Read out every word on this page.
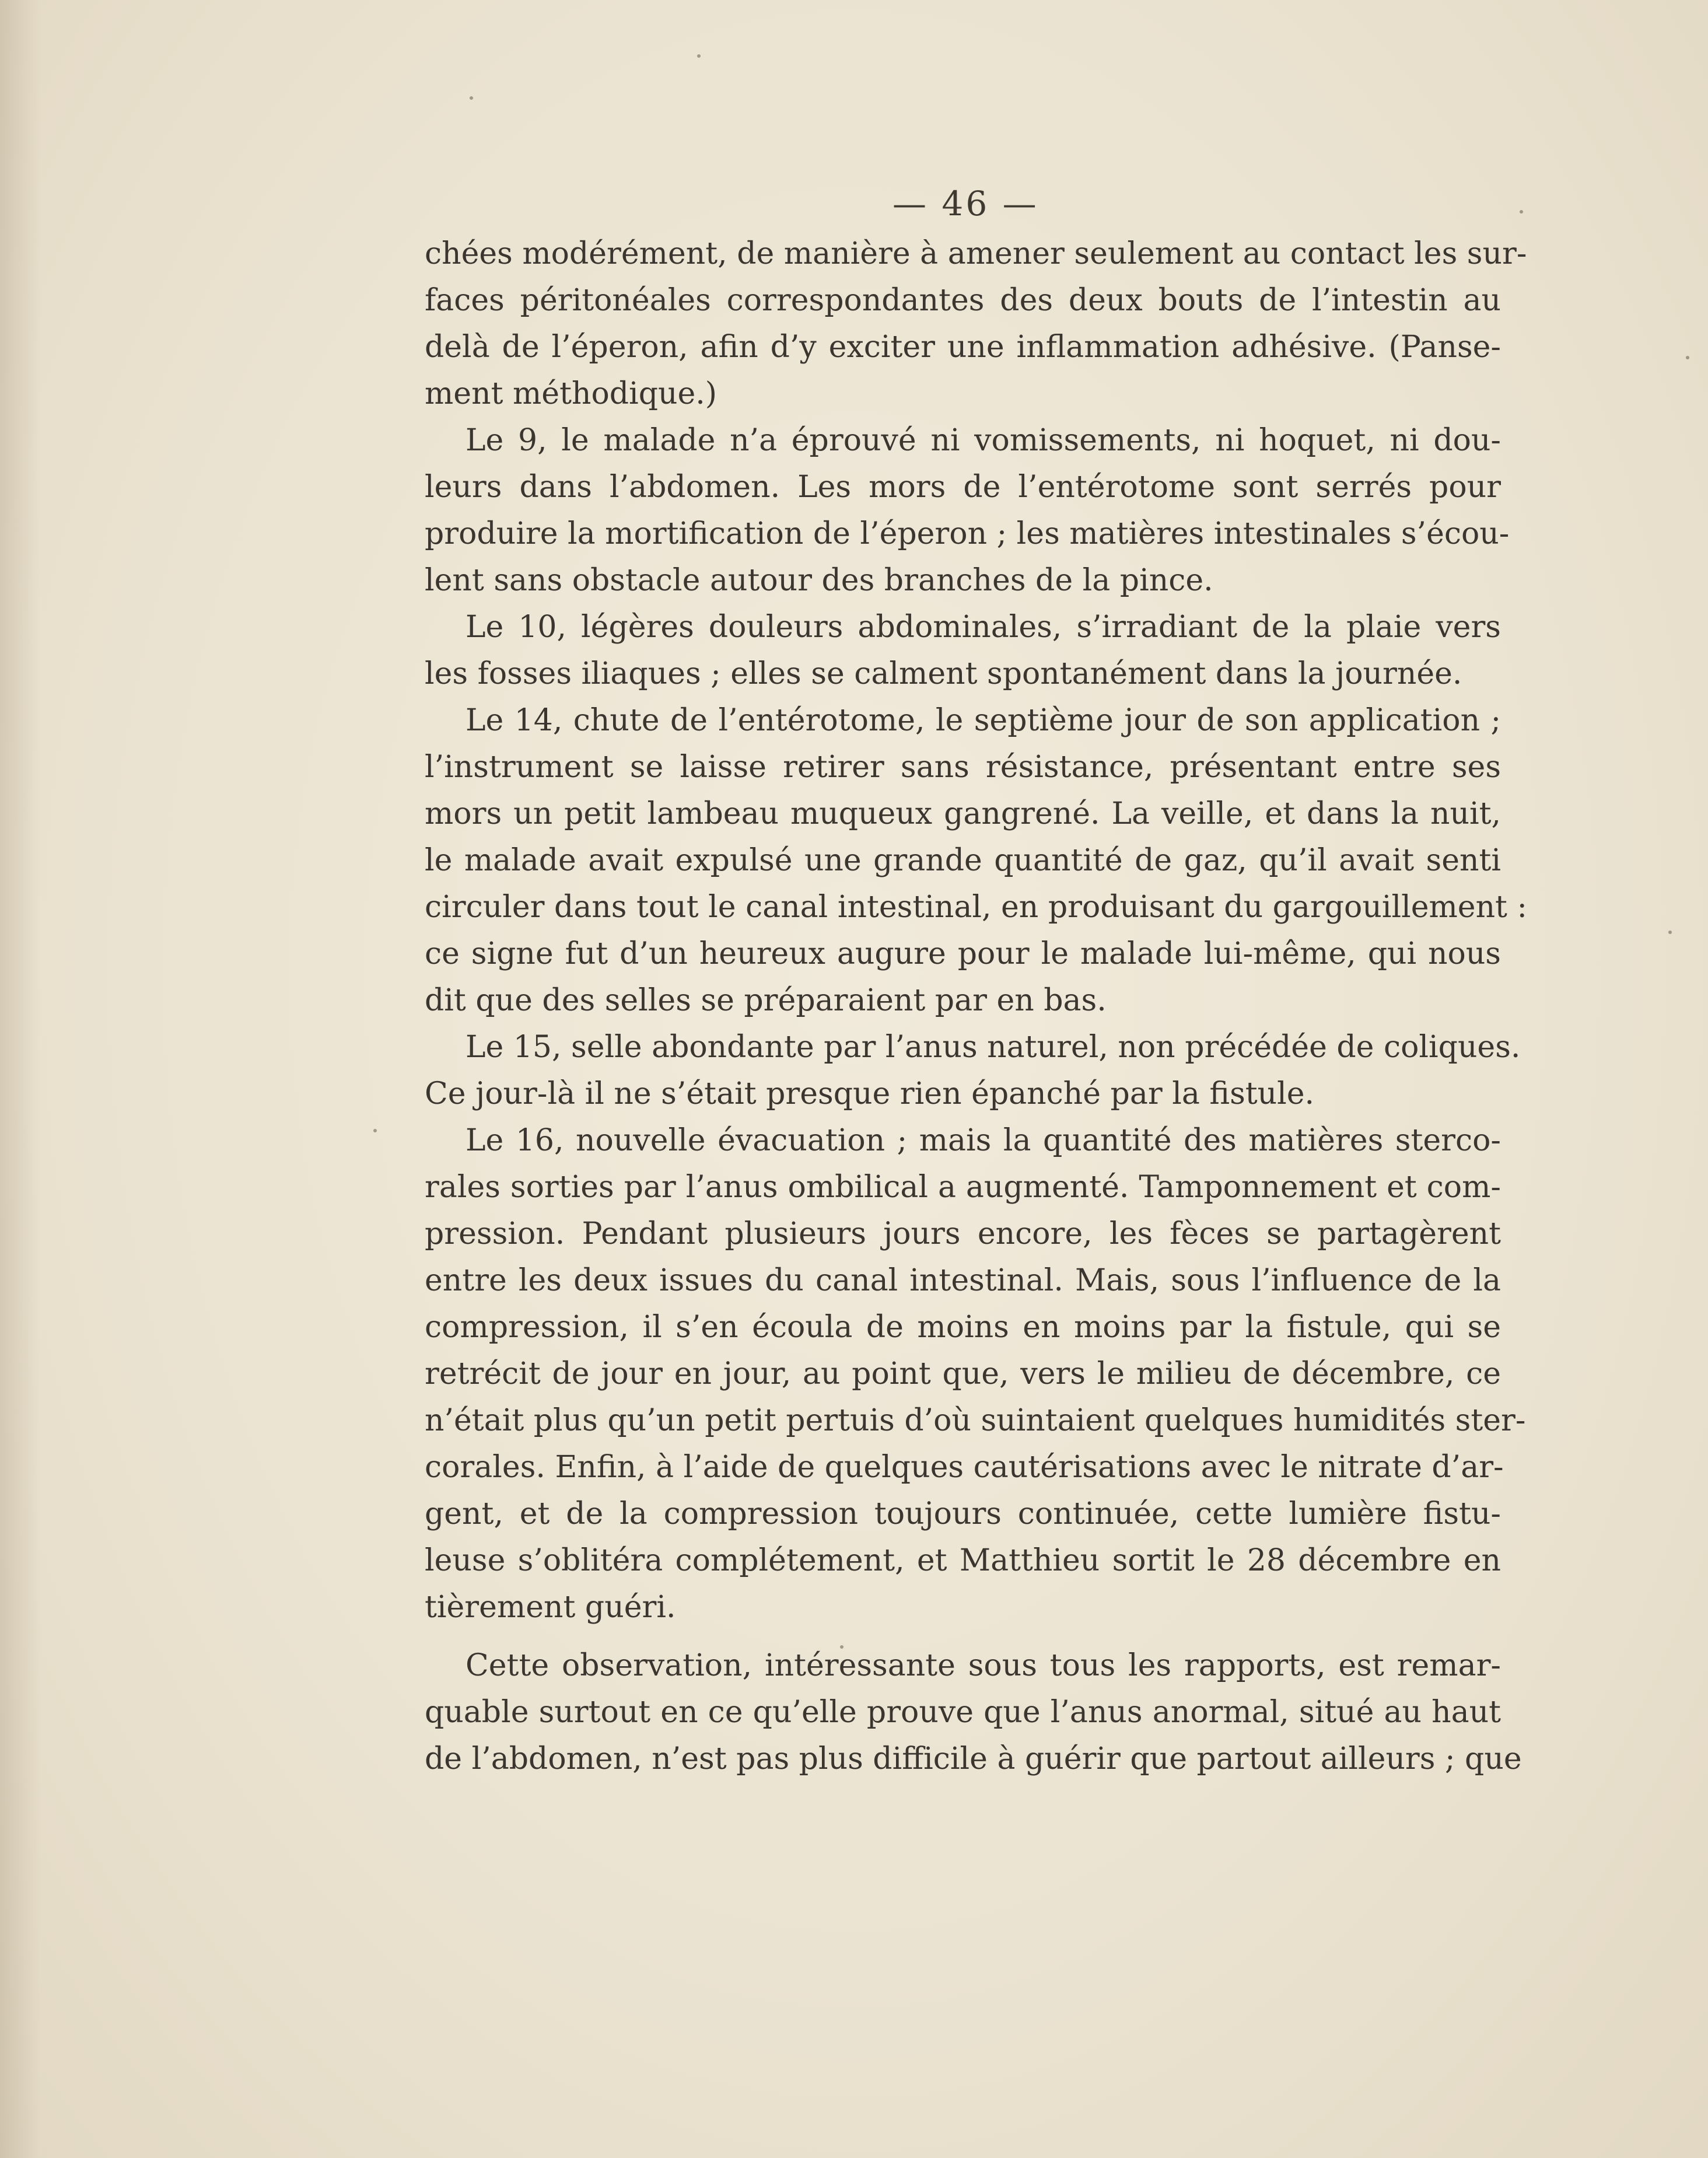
— 46 —
chées modérément, de manière à amener seulement au contact les sur-
faces péritonéales correspondantes des deux bouts de l’intestin au
delà de l’éperon, afin d’y exciter une inflammation adhésive. (Panse-
ment méthodique.)
Le 9, le malade n’a éprouvé ni vomissements, ni hoquet, ni dou-
leurs dans l’abdomen. Les mors de l’entérotome sont serrés pour
produire la mortification de l’éperon ; les matières intestinales s’écou-
lent sans obstacle autour des branches de la pince.
Le 10, légères douleurs abdominales, s’irradiant de la plaie vers
les fosses iliaques ; elles se calment spontanément dans la journée.
Le 14, chute de l’entérotome, le septième jour de son application ;
l’instrument se laisse retirer sans résistance, présentant entre ses
mors un petit lambeau muqueux gangrené. La veille, et dans la nuit,
le malade avait expulsé une grande quantité de gaz, qu’il avait senti
circuler dans tout le canal intestinal, en produisant du gargouillement :
ce signe fut d’un heureux augure pour le malade lui-même, qui nous
dit que des selles se préparaient par en bas.
Le 15, selle abondante par l’anus naturel, non précédée de coliques.
Ce jour-là il ne s’était presque rien épanché par la fistule.
Le 16, nouvelle évacuation ; mais la quantité des matières sterco-
rales sorties par l’anus ombilical a augmenté. Tamponnement et com-
pression. Pendant plusieurs jours encore, les fèces se partagèrent
entre les deux issues du canal intestinal. Mais, sous l’influence de la
compression, il s’en écoula de moins en moins par la fistule, qui se
retrécit de jour en jour, au point que, vers le milieu de décembre, ce
n’était plus qu’un petit pertuis d’où suintaient quelques humidités ster-
corales. Enfin, à l’aide de quelques cautérisations avec le nitrate d’ar-
gent, et de la compression toujours continuée, cette lumière fistu-
leuse s’oblitéra complétement, et Matthieu sortit le 28 décembre en
tièrement guéri.
Cette observation, intéressante sous tous les rapports, est remar-
quable surtout en ce qu’elle prouve que l’anus anormal, situé au haut
de l’abdomen, n’est pas plus difficile à guérir que partout ailleurs ; que
